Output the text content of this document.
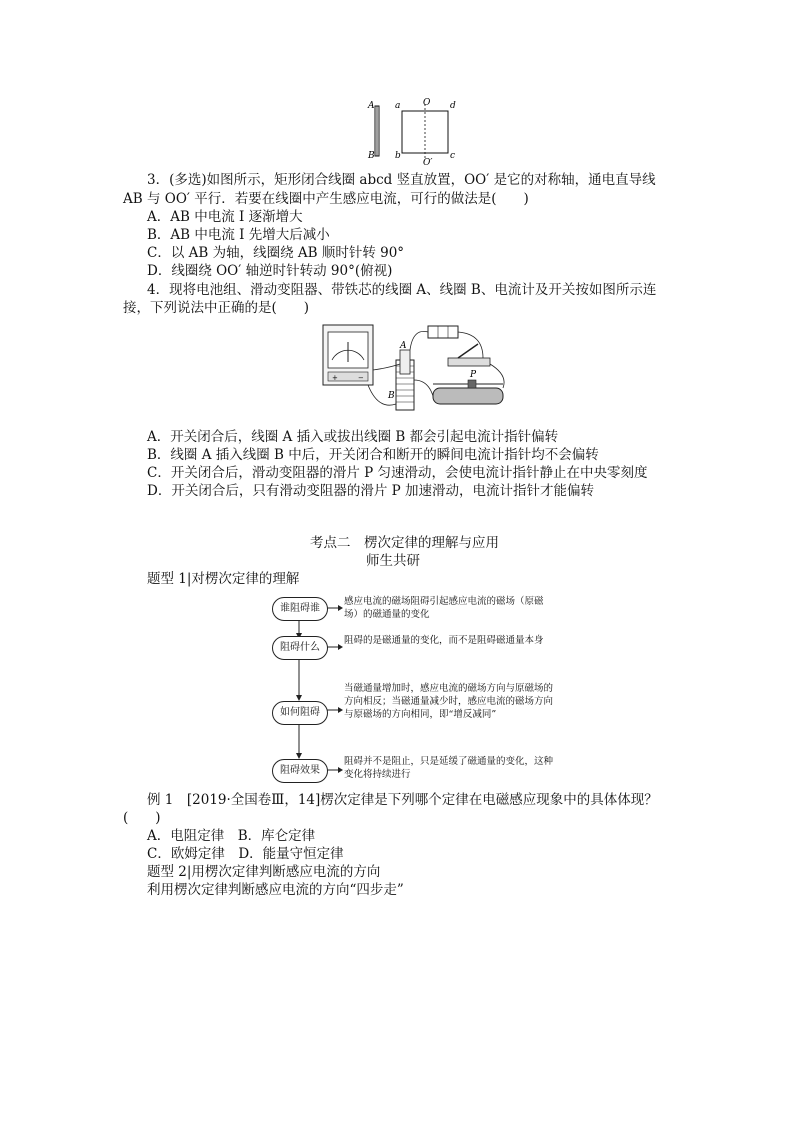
A
B
a
b	c
d
O
O′
3．(多选)如图所示，矩形闭合线圈 abcd 竖直放置，OO′ 是它的对称轴，通电直导线
AB 与 OO′ 平行．若要在线圈中产生感应电流，可行的做法是(　　)
A．AB 中电流 I 逐渐增大
B．AB 中电流 I 先增大后减小
C．以 AB 为轴，线圈绕 AB 顺时针转 90°
D．线圈绕 OO′ 轴逆时针转动 90°(俯视)
4．现将电池组、滑动变阻器、带铁芯的线圈 A、线圈 B、电流计及开关按如图所示连
接，下列说法中正确的是(　　)
+	−
A
B
P
A．开关闭合后，线圈 A 插入或拔出线圈 B 都会引起电流计指针偏转
B．线圈 A 插入线圈 B 中后，开关闭合和断开的瞬间电流计指针均不会偏转
C．开关闭合后，滑动变阻器的滑片 P 匀速滑动，会使电流计指针静止在中央零刻度
D．开关闭合后，只有滑动变阻器的滑片 P 加速滑动，电流计指针才能偏转
考点二　楞次定律的理解与应用
师生共研
题型 1|对楞次定律的理解
谁阻碍谁
感应电流的磁场阻碍引起感应电流的磁场（原磁场）的磁通量的变化
阻碍什么
阻碍的是磁通量的变化，而不是阻碍磁通量本身
如何阻碍
当磁通量增加时，感应电流的磁场方向与原磁场的方向相反；当磁通量减少时，感应电流的磁场方向与原磁场的方向相同，即“增反减同”
阻碍效果
阻碍并不是阻止，只是延缓了磁通量的变化，这种变化将持续进行
例 1　[2019·全国卷Ⅲ，14]楞次定律是下列哪个定律在电磁感应现象中的具体体现？
(　　)
A．电阻定律　B．库仑定律
C．欧姆定律　D．能量守恒定律
题型 2|用楞次定律判断感应电流的方向
利用楞次定律判断感应电流的方向“四步走”
